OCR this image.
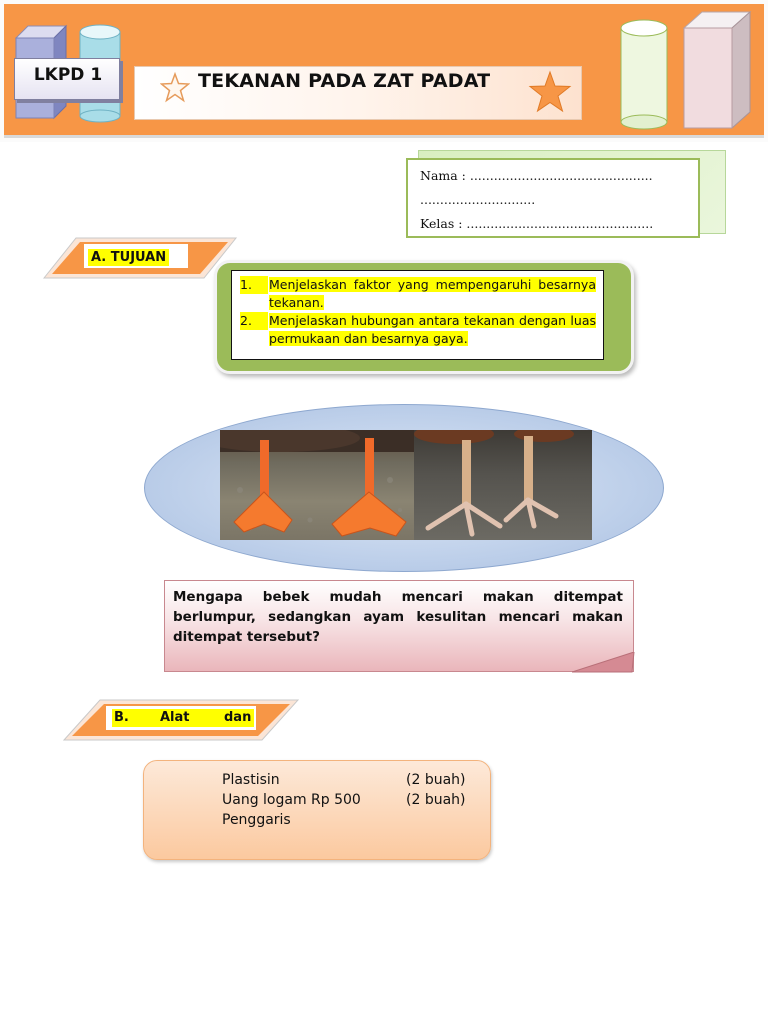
LKPD 1	TEKANAN PADA ZAT PADAT
Nama : ..............................................
.............................
Kelas : ...............................................
A. TUJUAN
1.	Menjelaskan faktor yang mempengaruhi besarnya tekanan.
2.	Menjelaskan hubungan antara tekanan dengan luas permukaan dan besarnya gaya.
Mengapa bebek mudah mencari makan ditempat berlumpur, sedangkan ayam kesulitan mencari makan ditempat tersebut?
B. Alat	dan
Plastisin	(2 buah)
Uang logam Rp 500	(2 buah)
Penggaris
